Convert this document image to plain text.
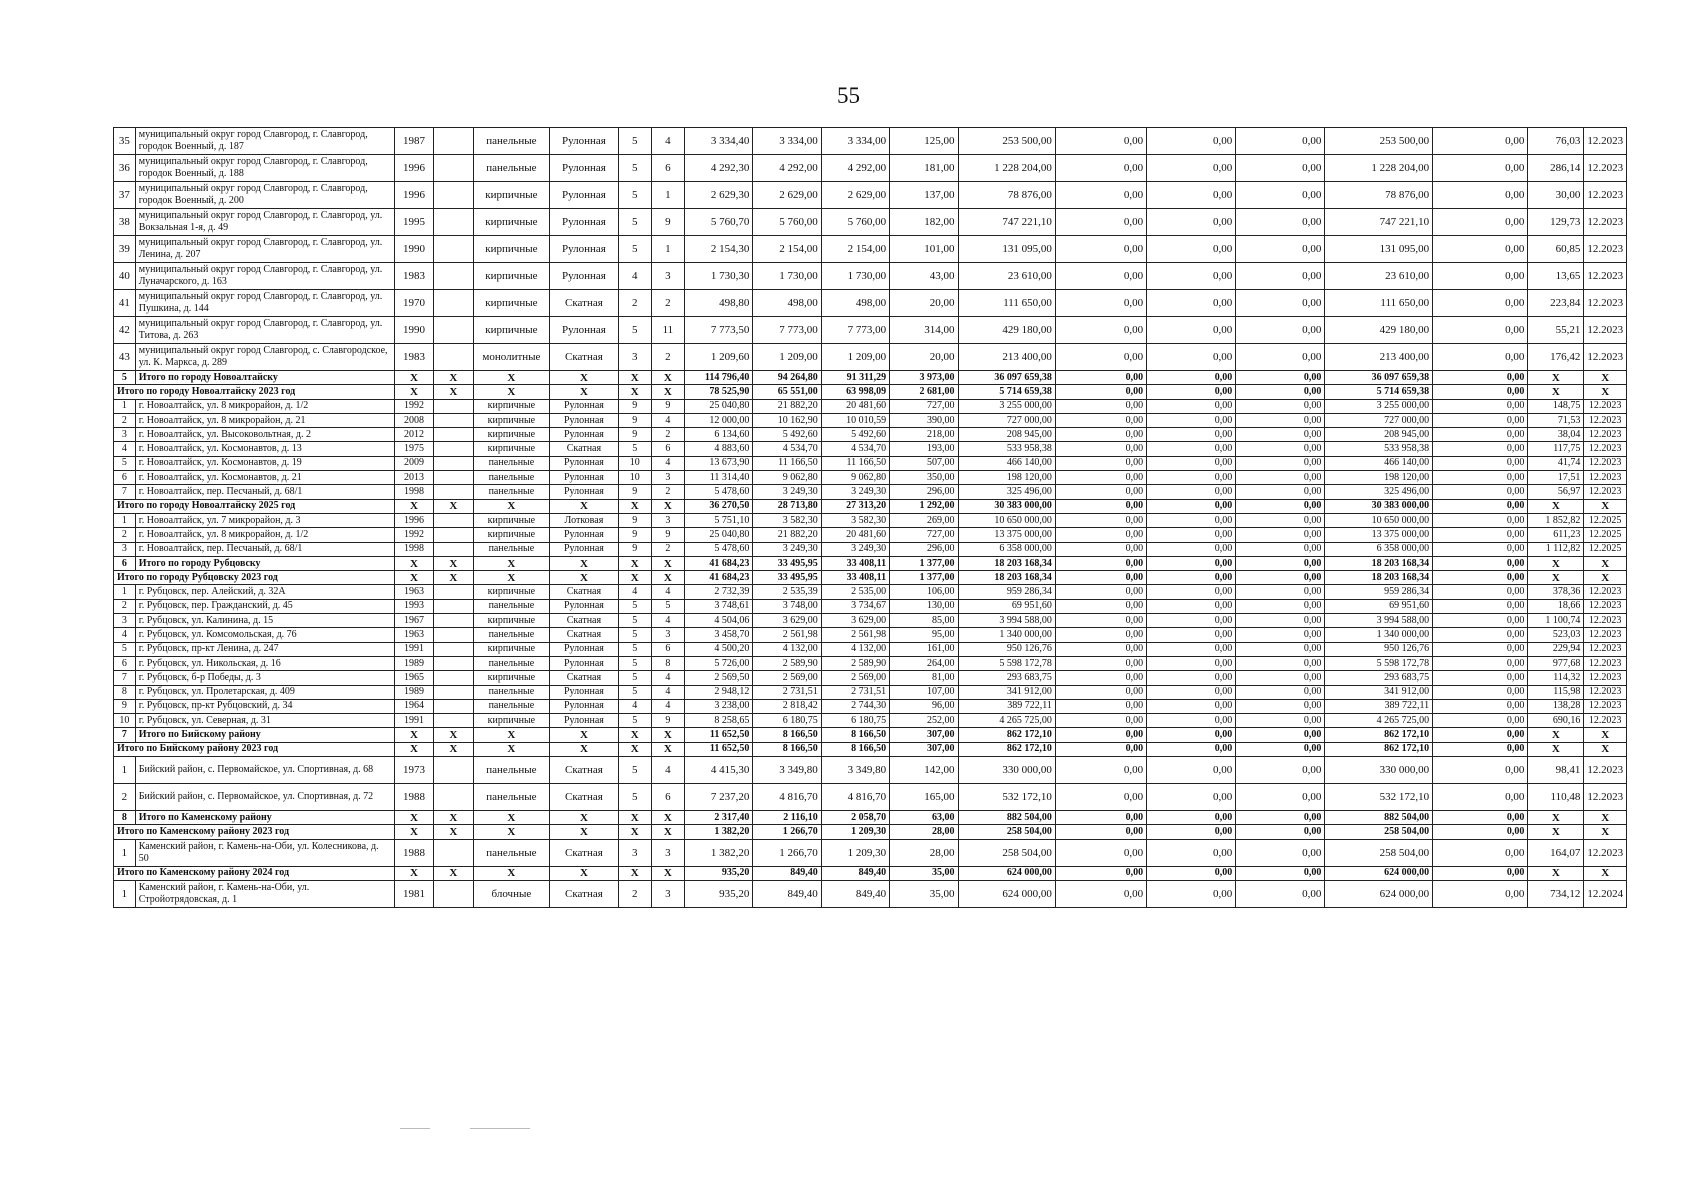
55
35	муниципальный округ город Славгород, г. Славгород, городок Военный, д. 187	1987		панельные	Рулонная	5	4	3 334,40	3 334,00	3 334,00	125,00	253 500,00	0,00	0,00	0,00	253 500,00	0,00	76,03	12.2023
36	муниципальный округ город Славгород, г. Славгород, городок Военный, д. 188	1996		панельные	Рулонная	5	6	4 292,30	4 292,00	4 292,00	181,00	1 228 204,00	0,00	0,00	0,00	1 228 204,00	0,00	286,14	12.2023
37	муниципальный округ город Славгород, г. Славгород, городок Военный, д. 200	1996		кирпичные	Рулонная	5	1	2 629,30	2 629,00	2 629,00	137,00	78 876,00	0,00	0,00	0,00	78 876,00	0,00	30,00	12.2023
38	муниципальный округ город Славгород, г. Славгород, ул. Вокзальная 1-я, д. 49	1995		кирпичные	Рулонная	5	9	5 760,70	5 760,00	5 760,00	182,00	747 221,10	0,00	0,00	0,00	747 221,10	0,00	129,73	12.2023
39	муниципальный округ город Славгород, г. Славгород, ул. Ленина, д. 207	1990		кирпичные	Рулонная	5	1	2 154,30	2 154,00	2 154,00	101,00	131 095,00	0,00	0,00	0,00	131 095,00	0,00	60,85	12.2023
40	муниципальный округ город Славгород, г. Славгород, ул. Луначарского, д. 163	1983		кирпичные	Рулонная	4	3	1 730,30	1 730,00	1 730,00	43,00	23 610,00	0,00	0,00	0,00	23 610,00	0,00	13,65	12.2023
41	муниципальный округ город Славгород, г. Славгород, ул. Пушкина, д. 144	1970		кирпичные	Скатная	2	2	498,80	498,00	498,00	20,00	111 650,00	0,00	0,00	0,00	111 650,00	0,00	223,84	12.2023
42	муниципальный округ город Славгород, г. Славгород, ул. Титова, д. 263	1990		кирпичные	Рулонная	5	11	7 773,50	7 773,00	7 773,00	314,00	429 180,00	0,00	0,00	0,00	429 180,00	0,00	55,21	12.2023
43	муниципальный округ город Славгород, с. Славгородское, ул. К. Маркса, д. 289	1983		монолитные	Скатная	3	2	1 209,60	1 209,00	1 209,00	20,00	213 400,00	0,00	0,00	0,00	213 400,00	0,00	176,42	12.2023
5	Итого по городу Новоалтайску	X	X	X	X	X	X	114 796,40	94 264,80	91 311,29	3 973,00	36 097 659,38	0,00	0,00	0,00	36 097 659,38	0,00	X	X
Итого по городу Новоалтайску 2023 год		X	X	X	X	X	X	78 525,90	65 551,00	63 998,09	2 681,00	5 714 659,38	0,00	0,00	0,00	5 714 659,38	0,00	X	X
1	г. Новоалтайск, ул. 8 микрорайон, д. 1/2	1992		кирпичные	Рулонная	9	9	25 040,80	21 882,20	20 481,60	727,00	3 255 000,00	0,00	0,00	0,00	3 255 000,00	0,00	148,75	12.2023
2	г. Новоалтайск, ул. 8 микрорайон, д. 21	2008		кирпичные	Рулонная	9	4	12 000,00	10 162,90	10 010,59	390,00	727 000,00	0,00	0,00	0,00	727 000,00	0,00	71,53	12.2023
3	г. Новоалтайск, ул. Высоковольтная, д. 2	2012		кирпичные	Рулонная	9	2	6 134,60	5 492,60	5 492,60	218,00	208 945,00	0,00	0,00	0,00	208 945,00	0,00	38,04	12.2023
4	г. Новоалтайск, ул. Космонавтов, д. 13	1975		кирпичные	Скатная	5	6	4 883,60	4 534,70	4 534,70	193,00	533 958,38	0,00	0,00	0,00	533 958,38	0,00	117,75	12.2023
5	г. Новоалтайск, ул. Космонавтов, д. 19	2009		панельные	Рулонная	10	4	13 673,90	11 166,50	11 166,50	507,00	466 140,00	0,00	0,00	0,00	466 140,00	0,00	41,74	12.2023
6	г. Новоалтайск, ул. Космонавтов, д. 21	2013		панельные	Рулонная	10	3	11 314,40	9 062,80	9 062,80	350,00	198 120,00	0,00	0,00	0,00	198 120,00	0,00	17,51	12.2023
7	г. Новоалтайск, пер. Песчаный, д. 68/1	1998		панельные	Рулонная	9	2	5 478,60	3 249,30	3 249,30	296,00	325 496,00	0,00	0,00	0,00	325 496,00	0,00	56,97	12.2023
Итого по городу Новоалтайску 2025 год		X	X	X	X	X	X	36 270,50	28 713,80	27 313,20	1 292,00	30 383 000,00	0,00	0,00	0,00	30 383 000,00	0,00	X	X
1	г. Новоалтайск, ул. 7 микрорайон, д. 3	1996		кирпичные	Лотковая	9	3	5 751,10	3 582,30	3 582,30	269,00	10 650 000,00	0,00	0,00	0,00	10 650 000,00	0,00	1 852,82	12.2025
2	г. Новоалтайск, ул. 8 микрорайон, д. 1/2	1992		кирпичные	Рулонная	9	9	25 040,80	21 882,20	20 481,60	727,00	13 375 000,00	0,00	0,00	0,00	13 375 000,00	0,00	611,23	12.2025
3	г. Новоалтайск, пер. Песчаный, д. 68/1	1998		панельные	Рулонная	9	2	5 478,60	3 249,30	3 249,30	296,00	6 358 000,00	0,00	0,00	0,00	6 358 000,00	0,00	1 112,82	12.2025
6	Итого по городу Рубцовску	X	X	X	X	X	X	41 684,23	33 495,95	33 408,11	1 377,00	18 203 168,34	0,00	0,00	0,00	18 203 168,34	0,00	X	X
Итого по городу Рубцовску 2023 год		X	X	X	X	X	X	41 684,23	33 495,95	33 408,11	1 377,00	18 203 168,34	0,00	0,00	0,00	18 203 168,34	0,00	X	X
1	г. Рубцовск, пер. Алейский, д. 32А	1963		кирпичные	Скатная	4	4	2 732,39	2 535,39	2 535,00	106,00	959 286,34	0,00	0,00	0,00	959 286,34	0,00	378,36	12.2023
2	г. Рубцовск, пер. Гражданский, д. 45	1993		панельные	Рулонная	5	5	3 748,61	3 748,00	3 734,67	130,00	69 951,60	0,00	0,00	0,00	69 951,60	0,00	18,66	12.2023
3	г. Рубцовск, ул. Калинина, д. 15	1967		кирпичные	Скатная	5	4	4 504,06	3 629,00	3 629,00	85,00	3 994 588,00	0,00	0,00	0,00	3 994 588,00	0,00	1 100,74	12.2023
4	г. Рубцовск, ул. Комсомольская, д. 76	1963		панельные	Скатная	5	3	3 458,70	2 561,98	2 561,98	95,00	1 340 000,00	0,00	0,00	0,00	1 340 000,00	0,00	523,03	12.2023
5	г. Рубцовск, пр-кт Ленина, д. 247	1991		кирпичные	Рулонная	5	6	4 500,20	4 132,00	4 132,00	161,00	950 126,76	0,00	0,00	0,00	950 126,76	0,00	229,94	12.2023
6	г. Рубцовск, ул. Никольская, д. 16	1989		панельные	Рулонная	5	8	5 726,00	2 589,90	2 589,90	264,00	5 598 172,78	0,00	0,00	0,00	5 598 172,78	0,00	977,68	12.2023
7	г. Рубцовск, б-р Победы, д. 3	1965		кирпичные	Скатная	5	4	2 569,50	2 569,00	2 569,00	81,00	293 683,75	0,00	0,00	0,00	293 683,75	0,00	114,32	12.2023
8	г. Рубцовск, ул. Пролетарская, д. 409	1989		панельные	Рулонная	5	4	2 948,12	2 731,51	2 731,51	107,00	341 912,00	0,00	0,00	0,00	341 912,00	0,00	115,98	12.2023
9	г. Рубцовск, пр-кт Рубцовский, д. 34	1964		панельные	Рулонная	4	4	3 238,00	2 818,42	2 744,30	96,00	389 722,11	0,00	0,00	0,00	389 722,11	0,00	138,28	12.2023
10	г. Рубцовск, ул. Северная, д. 31	1991		кирпичные	Рулонная	5	9	8 258,65	6 180,75	6 180,75	252,00	4 265 725,00	0,00	0,00	0,00	4 265 725,00	0,00	690,16	12.2023
7	Итого по Бийскому району	X	X	X	X	X	X	11 652,50	8 166,50	8 166,50	307,00	862 172,10	0,00	0,00	0,00	862 172,10	0,00	X	X
Итого по Бийскому району 2023 год		X	X	X	X	X	X	11 652,50	8 166,50	8 166,50	307,00	862 172,10	0,00	0,00	0,00	862 172,10	0,00	X	X
1	Бийский район, с. Первомайское, ул. Спортивная, д. 68	1973		панельные	Скатная	5	4	4 415,30	3 349,80	3 349,80	142,00	330 000,00	0,00	0,00	0,00	330 000,00	0,00	98,41	12.2023
2	Бийский район, с. Первомайское, ул. Спортивная, д. 72	1988		панельные	Скатная	5	6	7 237,20	4 816,70	4 816,70	165,00	532 172,10	0,00	0,00	0,00	532 172,10	0,00	110,48	12.2023
8	Итого по Каменскому району	X	X	X	X	X	X	2 317,40	2 116,10	2 058,70	63,00	882 504,00	0,00	0,00	0,00	882 504,00	0,00	X	X
Итого по Каменскому району 2023 год		X	X	X	X	X	X	1 382,20	1 266,70	1 209,30	28,00	258 504,00	0,00	0,00	0,00	258 504,00	0,00	X	X
1	Каменский район, г. Камень-на-Оби, ул. Колесникова, д. 50	1988		панельные	Скатная	3	3	1 382,20	1 266,70	1 209,30	28,00	258 504,00	0,00	0,00	0,00	258 504,00	0,00	164,07	12.2023
Итого по Каменскому району 2024 год		X	X	X	X	X	X	935,20	849,40	849,40	35,00	624 000,00	0,00	0,00	0,00	624 000,00	0,00	X	X
1	Каменский район, г. Камень-на-Оби, ул. Стройотрядовская, д. 1	1981		блочные	Скатная	2	3	935,20	849,40	849,40	35,00	624 000,00	0,00	0,00	0,00	624 000,00	0,00	734,12	12.2024
